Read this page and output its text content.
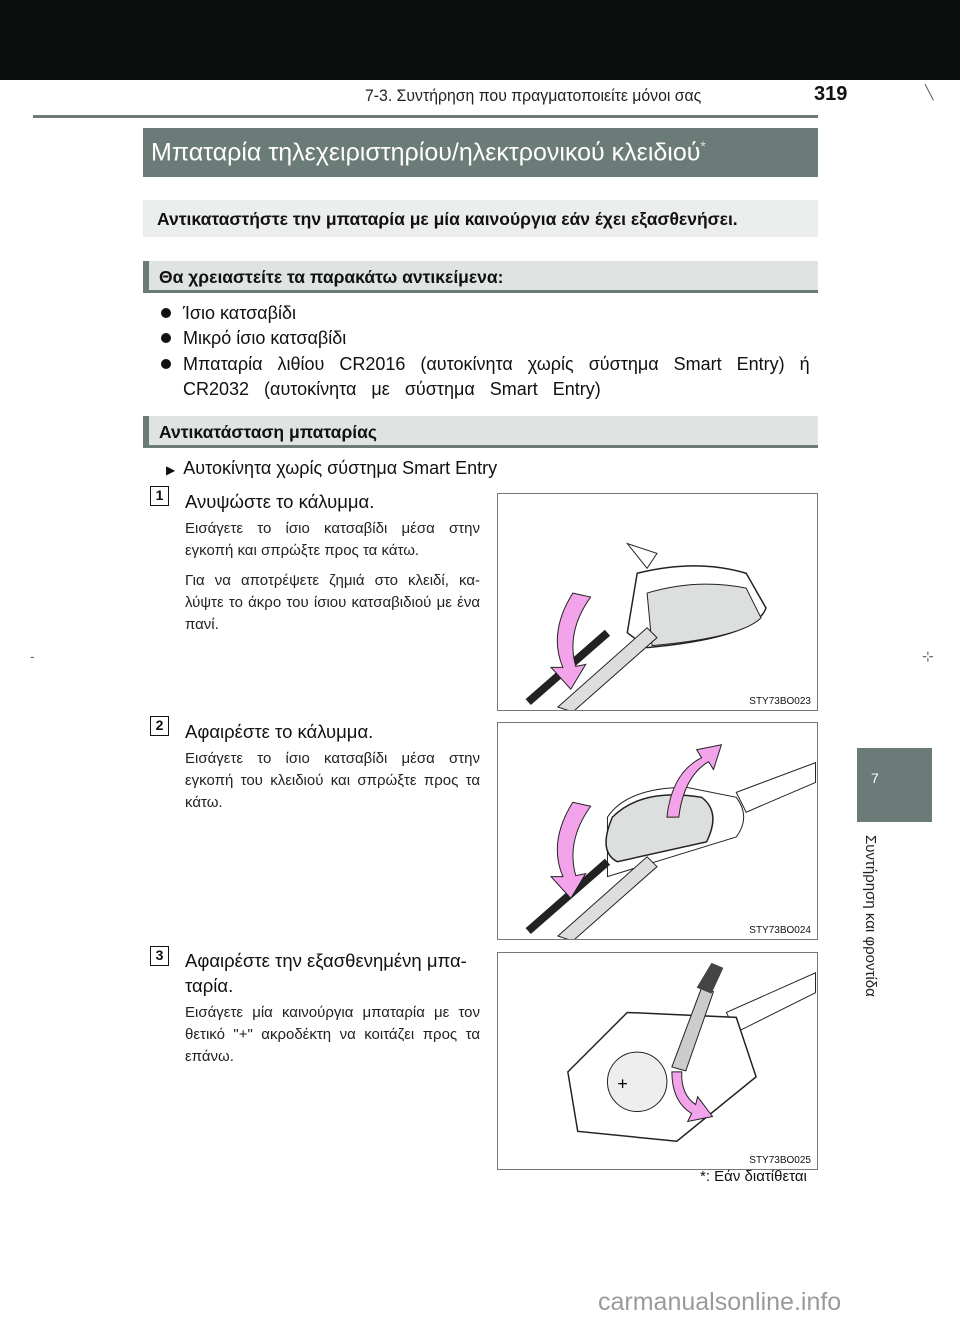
7-3. Συντήρηση που πραγματοποιείτε μόνοι σας	319
Μπαταρία τηλεχειριστηρίου/ηλεκτρονικού κλειδιού*
Αντικαταστήστε την μπαταρία με μία καινούργια εάν έχει εξασθενήσει.
Θα χρειαστείτε τα παρακάτω αντικείμενα:
Ίσιο κατσαβίδι
Μικρό ίσιο κατσαβίδι
Μπαταρία λιθίου CR2016 (αυτοκίνητα χωρίς σύστημα Smart Entry) ή CR2032 (αυτοκίνητα με σύστημα Smart Entry)
Αντικατάσταση μπαταρίας
▶ Αυτοκίνητα χωρίς σύστημα Smart Entry
1	Ανυψώστε το κάλυμμα.

Εισάγετε το ίσιο κατσαβίδι μέσα στην εγκοπή και σπρώξτε προς τα κάτω.

Για να αποτρέψετε ζημιά στο κλειδί, κα-λύψτε το άκρο του ίσιου κατσαβιδιού με ένα πανί.

STY73BO023
2	Αφαιρέστε το κάλυμμα.

Εισάγετε το ίσιο κατσαβίδι μέσα στην εγκοπή του κλειδιού και σπρώξτε προς τα κάτω.

STY73BO024
3	Αφαιρέστε την εξασθενημένη μπα-ταρία.

Εισάγετε μία καινούργια μπαταρία με τον θετικό "+" ακροδέκτη να κοιτάζει προς τα επάνω.

+
STY73BO025
*: Εάν διατίθεται
7
Συντήρηση και φροντίδα
╲
⊹
-
carmanualsonline.info
